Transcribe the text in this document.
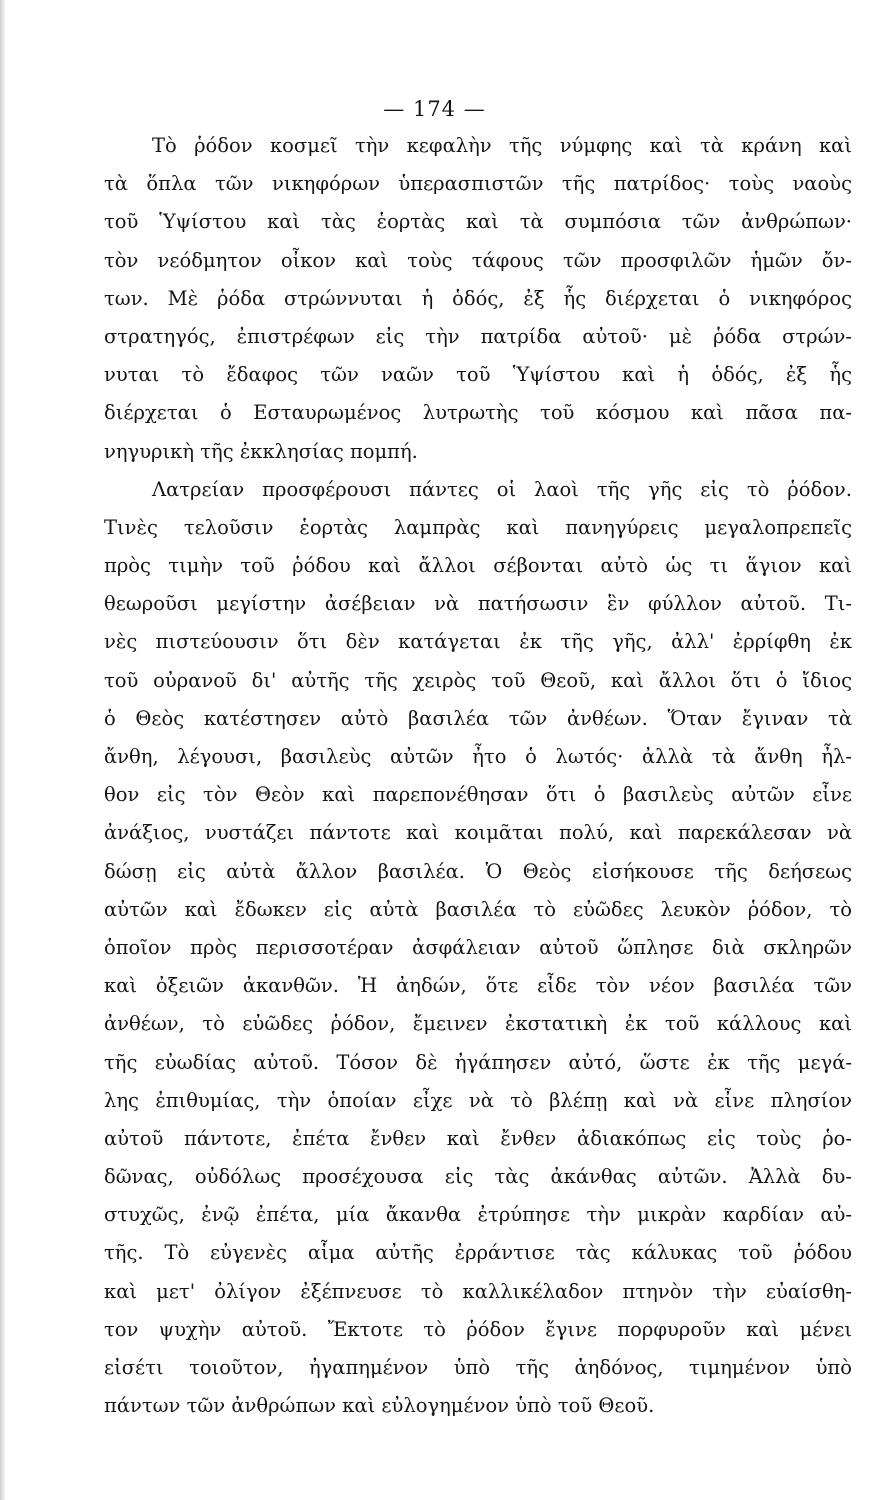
— 174 —
Τὸ ῥόδον κοσμεῖ τὴν κεφαλὴν τῆς νύμφης καὶ τὰ κράνη καὶ
τὰ ὅπλα τῶν νικηφόρων ὑπερασπιστῶν τῆς πατρίδος· τοὺς ναοὺς
τοῦ Ὑψίστου καὶ τὰς ἑορτὰς καὶ τὰ συμπόσια τῶν ἀνθρώπων·
τὸν νεόδμητον οἶκον καὶ τοὺς τάφους τῶν προσφιλῶν ἡμῶν ὄν-
των. Μὲ ῥόδα στρώννυται ἡ ὁδός, ἐξ ἧς διέρχεται ὁ νικηφόρος
στρατηγός, ἐπιστρέφων εἰς τὴν πατρίδα αὐτοῦ· μὲ ῥόδα στρών-
νυται τὸ ἔδαφος τῶν ναῶν τοῦ Ὑψίστου καὶ ἡ ὁδός, ἐξ ἧς
διέρχεται ὁ Εσταυρωμένος λυτρωτὴς τοῦ κόσμου καὶ πᾶσα πα-
νηγυρικὴ τῆς ἐκκλησίας πομπή.
Λατρείαν προσφέρουσι πάντες οἱ λαοὶ τῆς γῆς εἰς τὸ ῥόδον.
Τινὲς τελοῦσιν ἑορτὰς λαμπρὰς καὶ πανηγύρεις μεγαλοπρεπεῖς
πρὸς τιμὴν τοῦ ῥόδου καὶ ἄλλοι σέβονται αὐτὸ ὡς τι ἅγιον καὶ
θεωροῦσι μεγίστην ἀσέβειαν νὰ πατήσωσιν ἓν φύλλον αὐτοῦ. Τι-
νὲς πιστεύουσιν ὅτι δὲν κατάγεται ἐκ τῆς γῆς, ἀλλ' ἐρρίφθη ἐκ
τοῦ οὐρανοῦ δι' αὐτῆς τῆς χειρὸς τοῦ Θεοῦ, καὶ ἄλλοι ὅτι ὁ ἴδιος
ὁ Θεὸς κατέστησεν αὐτὸ βασιλέα τῶν ἀνθέων. Ὅταν ἔγιναν τὰ
ἄνθη, λέγουσι, βασιλεὺς αὐτῶν ἦτο ὁ λωτός· ἀλλὰ τὰ ἄνθη ἦλ-
θον εἰς τὸν Θεὸν καὶ παρεπονέθησαν ὅτι ὁ βασιλεὺς αὐτῶν εἶνε
ἀνάξιος, νυστάζει πάντοτε καὶ κοιμᾶται πολύ, καὶ παρεκάλεσαν νὰ
δώσῃ εἰς αὐτὰ ἄλλον βασιλέα. Ὁ Θεὸς εἰσήκουσε τῆς δεήσεως
αὐτῶν καὶ ἔδωκεν εἰς αὐτὰ βασιλέα τὸ εὐῶδες λευκὸν ῥόδον, τὸ
ὁποῖον πρὸς περισσοτέραν ἀσφάλειαν αὐτοῦ ὥπλησε διὰ σκληρῶν
καὶ ὀξειῶν ἀκανθῶν. Ἡ ἀηδών, ὅτε εἶδε τὸν νέον βασιλέα τῶν
ἀνθέων, τὸ εὐῶδες ῥόδον, ἔμεινεν ἐκστατικὴ ἐκ τοῦ κάλλους καὶ
τῆς εὐωδίας αὐτοῦ. Τόσον δὲ ἠγάπησεν αὐτό, ὥστε ἐκ τῆς μεγά-
λης ἐπιθυμίας, τὴν ὁποίαν εἶχε νὰ τὸ βλέπῃ καὶ νὰ εἶνε πλησίον
αὐτοῦ πάντοτε, ἐπέτα ἔνθεν καὶ ἔνθεν ἀδιακόπως εἰς τοὺς ῥο-
δῶνας, οὐδόλως προσέχουσα εἰς τὰς ἀκάνθας αὐτῶν. Ἀλλὰ δυ-
στυχῶς, ἐνῷ ἐπέτα, μία ἄκανθα ἐτρύπησε τὴν μικρὰν καρδίαν αὐ-
τῆς. Τὸ εὐγενὲς αἷμα αὐτῆς ἐρράντισε τὰς κάλυκας τοῦ ῥόδου
καὶ μετ' ὀλίγον ἐξέπνευσε τὸ καλλικέλαδον πτηνὸν τὴν εὐαίσθη-
τον ψυχὴν αὐτοῦ. Ἔκτοτε τὸ ῥόδον ἔγινε πορφυροῦν καὶ μένει
εἰσέτι τοιοῦτον, ἠγαπημένον ὑπὸ τῆς ἀηδόνος, τιμημένον ὑπὸ
πάντων τῶν ἀνθρώπων καὶ εὐλογημένον ὑπὸ τοῦ Θεοῦ.
